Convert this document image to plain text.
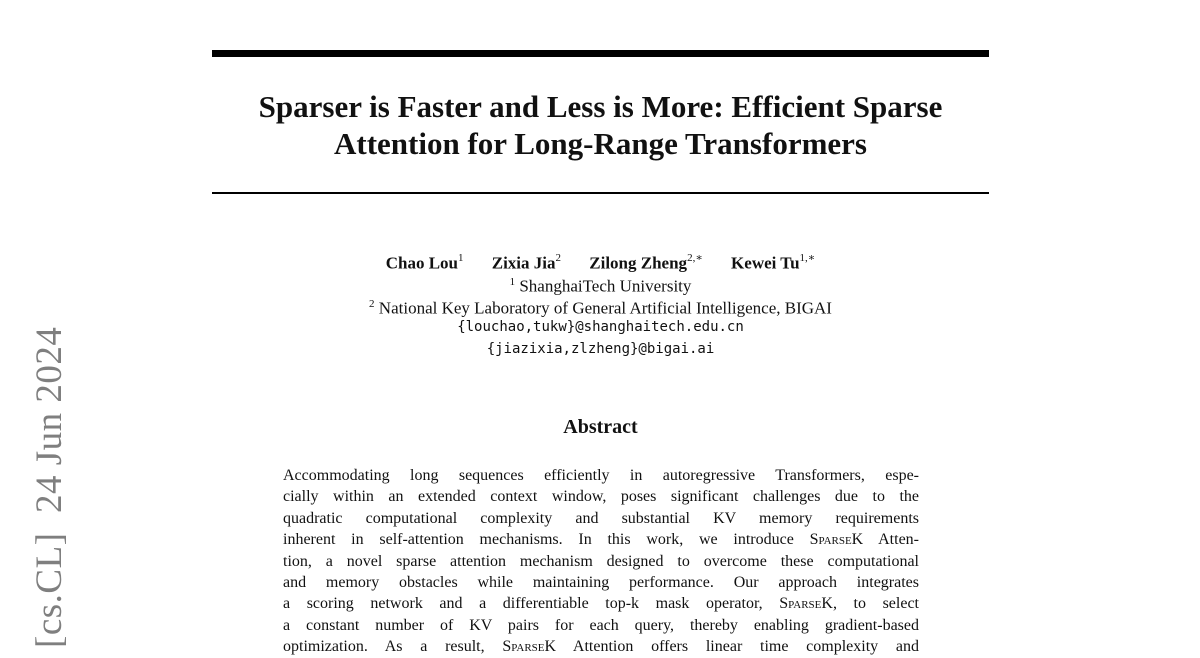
[cs.CL]  24 Jun 2024
Sparser is Faster and Less is More: Efficient Sparse
Attention for Long-Range Transformers
Chao Lou$^1$ Zixia Jia$^2$ Zilong Zheng$^{2,∗}$ Kewei $Tu^{1,∗}$
$^1$ ShanghaiTech University
$^2$ National Key Laboratory of General Artificial Intelligence, BIGAI
{louchao,tukw}@shanghaitech.edu.cn
{jiazixia,zlzheng}@bigai.ai
Abstract
Accommodating long sequences efficiently in autoregressive Transformers, espe-
cially within an extended context window, poses significant challenges due to the
quadratic computational complexity and substantial KV memory requirements
inherent in self-attention mechanisms. In this work, we introduce SparseK Atten-
tion, a novel sparse attention mechanism designed to overcome these computational
and memory obstacles while maintaining performance. Our approach integrates
a scoring network and a differentiable top-k mask operator, SparseK, to select
a constant number of KV pairs for each query, thereby enabling gradient-based
optimization. As a result, SparseK Attention offers linear time complexity and
